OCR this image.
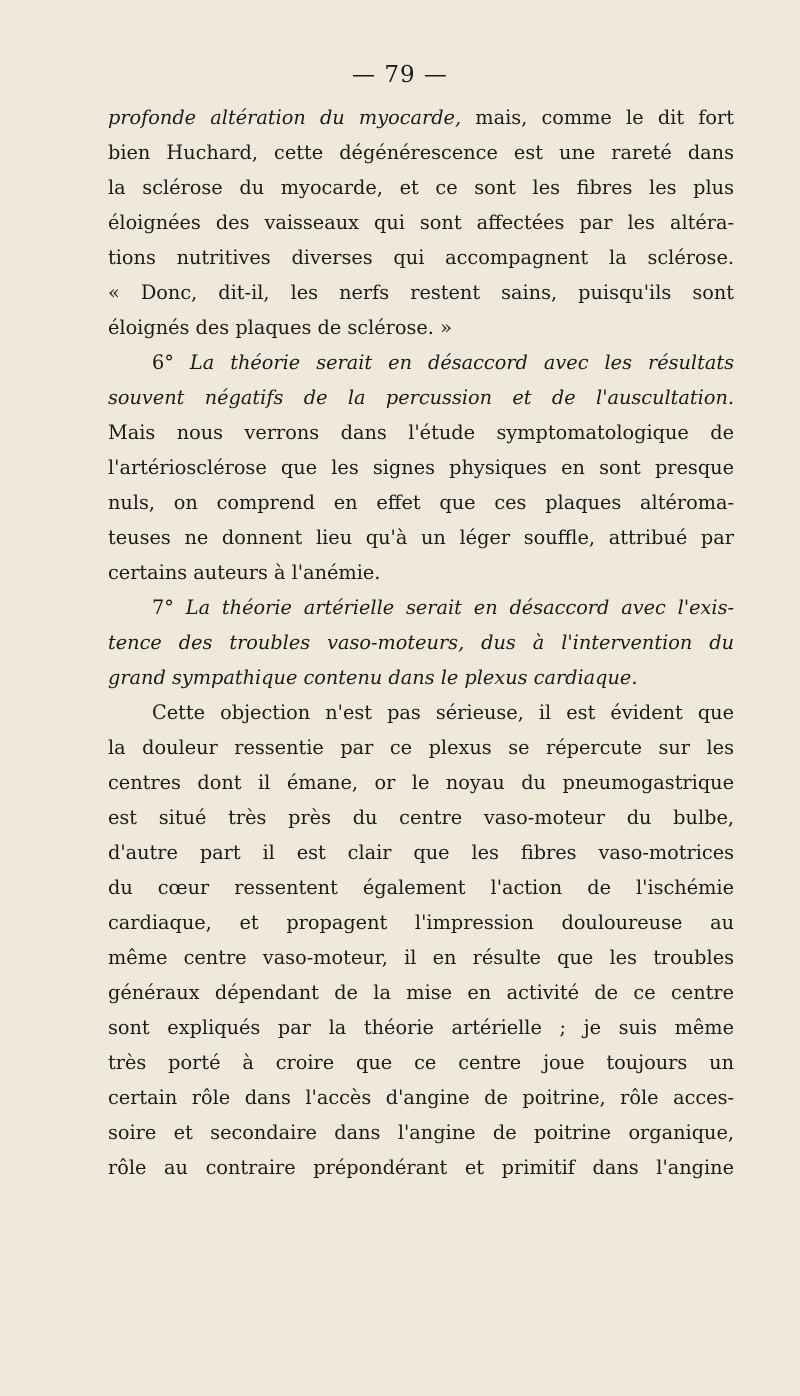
— 79 —
profonde altération du myocarde, mais, comme le dit fort
bien Huchard, cette dégénérescence est une rareté dans
la sclérose du myocarde, et ce sont les fibres les plus
éloignées des vaisseaux qui sont affectées par les altéra-
tions nutritives diverses qui accompagnent la sclérose.
« Donc, dit-il, les nerfs restent sains, puisqu'ils sont
éloignés des plaques de sclérose. »
6° La théorie serait en désaccord avec les résultats
souvent négatifs de la percussion et de l'auscultation.
Mais nous verrons dans l'étude symptomatologique de
l'artériosclérose que les signes physiques en sont presque
nuls, on comprend en effet que ces plaques altéroma-
teuses ne donnent lieu qu'à un léger souffle, attribué par
certains auteurs à l'anémie.
7° La théorie artérielle serait en désaccord avec l'exis-
tence des troubles vaso-moteurs, dus à l'intervention du
grand sympathique contenu dans le plexus cardiaque.
Cette objection n'est pas sérieuse, il est évident que
la douleur ressentie par ce plexus se répercute sur les
centres dont il émane, or le noyau du pneumogastrique
est situé très près du centre vaso-moteur du bulbe,
d'autre part il est clair que les fibres vaso-motrices
du cœur ressentent également l'action de l'ischémie
cardiaque, et propagent l'impression douloureuse au
même centre vaso-moteur, il en résulte que les troubles
généraux dépendant de la mise en activité de ce centre
sont expliqués par la théorie artérielle ; je suis même
très porté à croire que ce centre joue toujours un
certain rôle dans l'accès d'angine de poitrine, rôle acces-
soire et secondaire dans l'angine de poitrine organique,
rôle au contraire prépondérant et primitif dans l'angine
